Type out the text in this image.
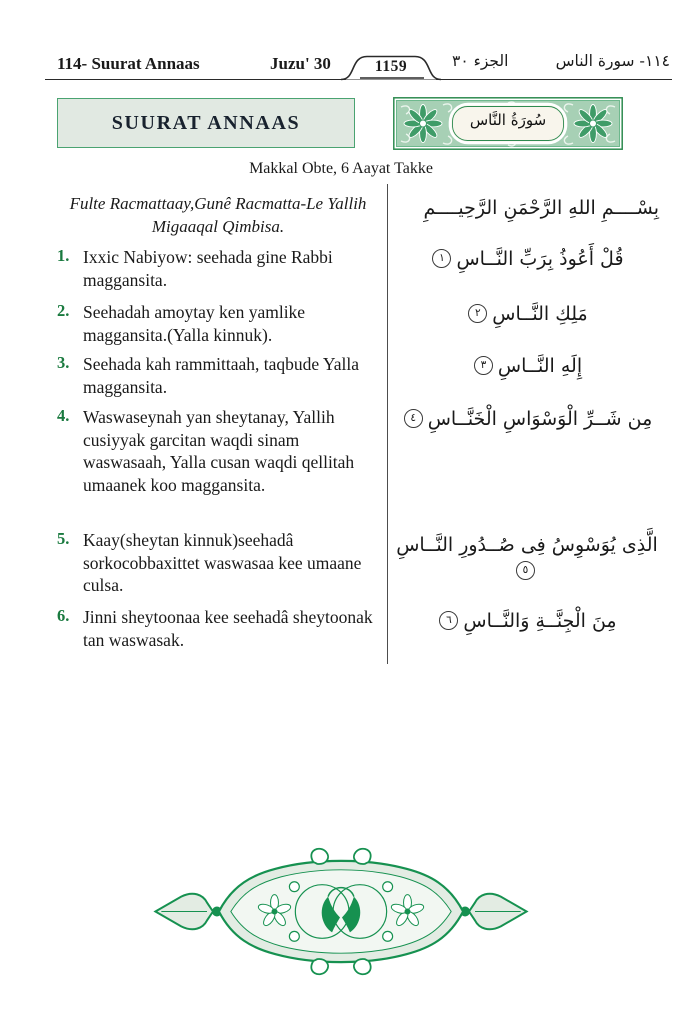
114- Suurat Annaas	Juzu' 30	1159	الجزء ٣٠	١١٤- سورة الناس
SUURAT ANNAAS	سُورَةُ النَّاس
Makkal Obte, 6 Aayat Takke
Fulte Racmattaay,Gunê Racmatta-Le Yallih Migaaqal Qimbisa.
بِسْــــمِ اللهِ الرَّحْمَنِ الرَّحِيــــمِ
1. Ixxic Nabiyow: seehada gine Rabbi maggansita.
2. Seehadah amoytay ken yamlike maggansita.(Yalla kinnuk).
3. Seehada kah rammittaah, taqbude Yalla maggansita.
4. Waswaseynah yan sheytanay, Yallih cusiyyak garcitan waqdi sinam waswasaah, Yalla cusan waqdi qellitah umaanek koo maggansita.
5. Kaay(sheytan kinnuk)seehadâ sorkocobbaxittet waswasaa kee umaane culsa.
6. Jinni sheytoonaa kee seehadâ sheytoonak tan waswasak.
قُلْ أَعُوذُ بِرَبِّ النَّــاسِ١
مَلِكِ النَّــاسِ٢
إِلَهِ النَّــاسِ٣
مِن شَــرِّ الْوَسْوَاسِ الْخَنَّــاسِ٤
الَّذِى يُوَسْوِسُ فِى صُــدُورِ النَّــاسِ٥
مِنَ الْجِنَّــةِ وَالنَّــاسِ٦
